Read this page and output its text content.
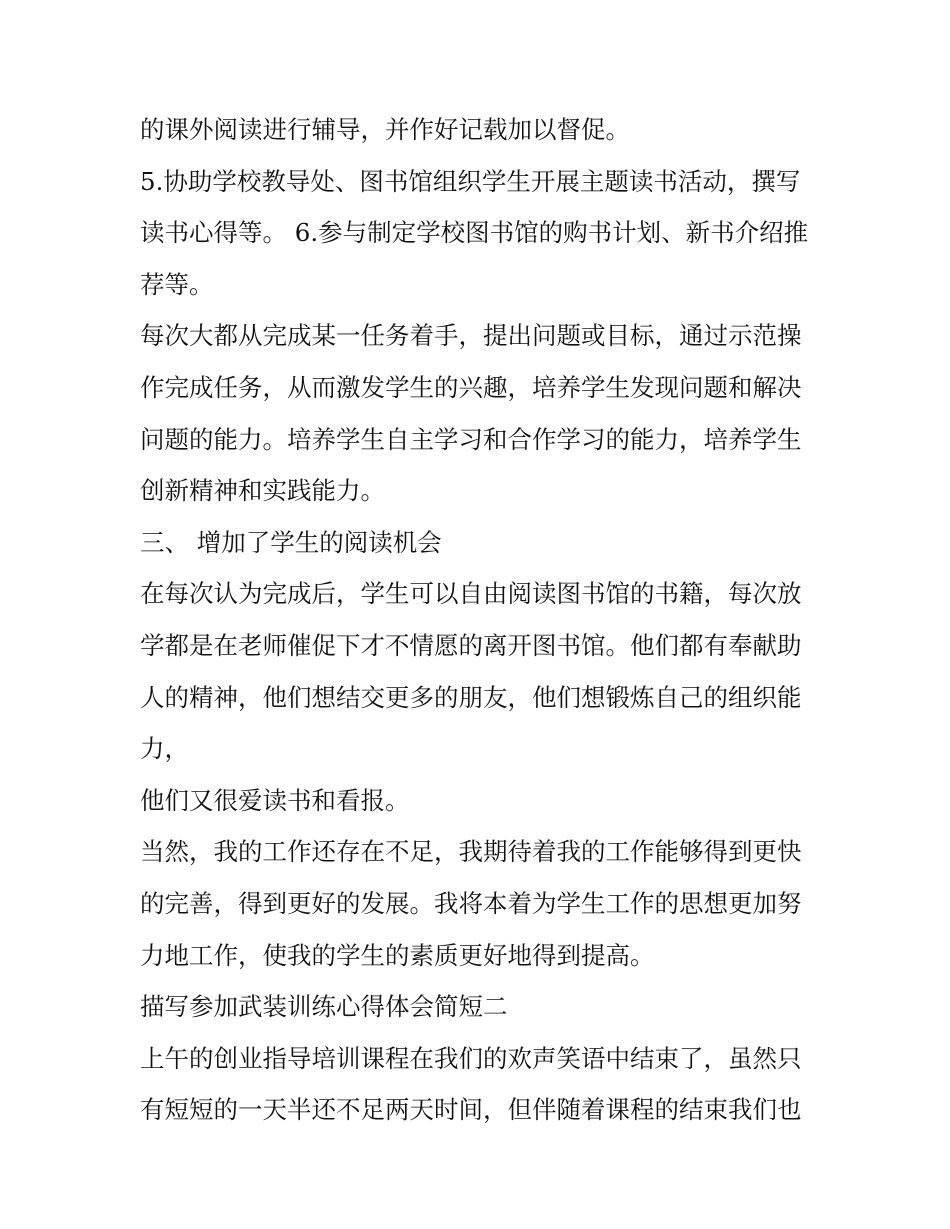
的课外阅读进行辅导，并作好记载加以督促。
5.协助学校教导处、图书馆组织学生开展主题读书活动，撰写
读书心得等。 6.参与制定学校图书馆的购书计划、新书介绍推
荐等。
每次大都从完成某一任务着手，提出问题或目标，通过示范操
作完成任务，从而激发学生的兴趣，培养学生发现问题和解决
问题的能力。培养学生自主学习和合作学习的能力，培养学生
创新精神和实践能力。
三、 增加了学生的阅读机会
在每次认为完成后，学生可以自由阅读图书馆的书籍，每次放
学都是在老师催促下才不情愿的离开图书馆。他们都有奉献助
人的精神，他们想结交更多的朋友，他们想锻炼自己的组织能
力，
他们又很爱读书和看报。
当然，我的工作还存在不足，我期待着我的工作能够得到更快
的完善，得到更好的发展。我将本着为学生工作的思想更加努
力地工作，使我的学生的素质更好地得到提高。
描写参加武装训练心得体会简短二
上午的创业指导培训课程在我们的欢声笑语中结束了，虽然只
有短短的一天半还不足两天时间，但伴随着课程的结束我们也
